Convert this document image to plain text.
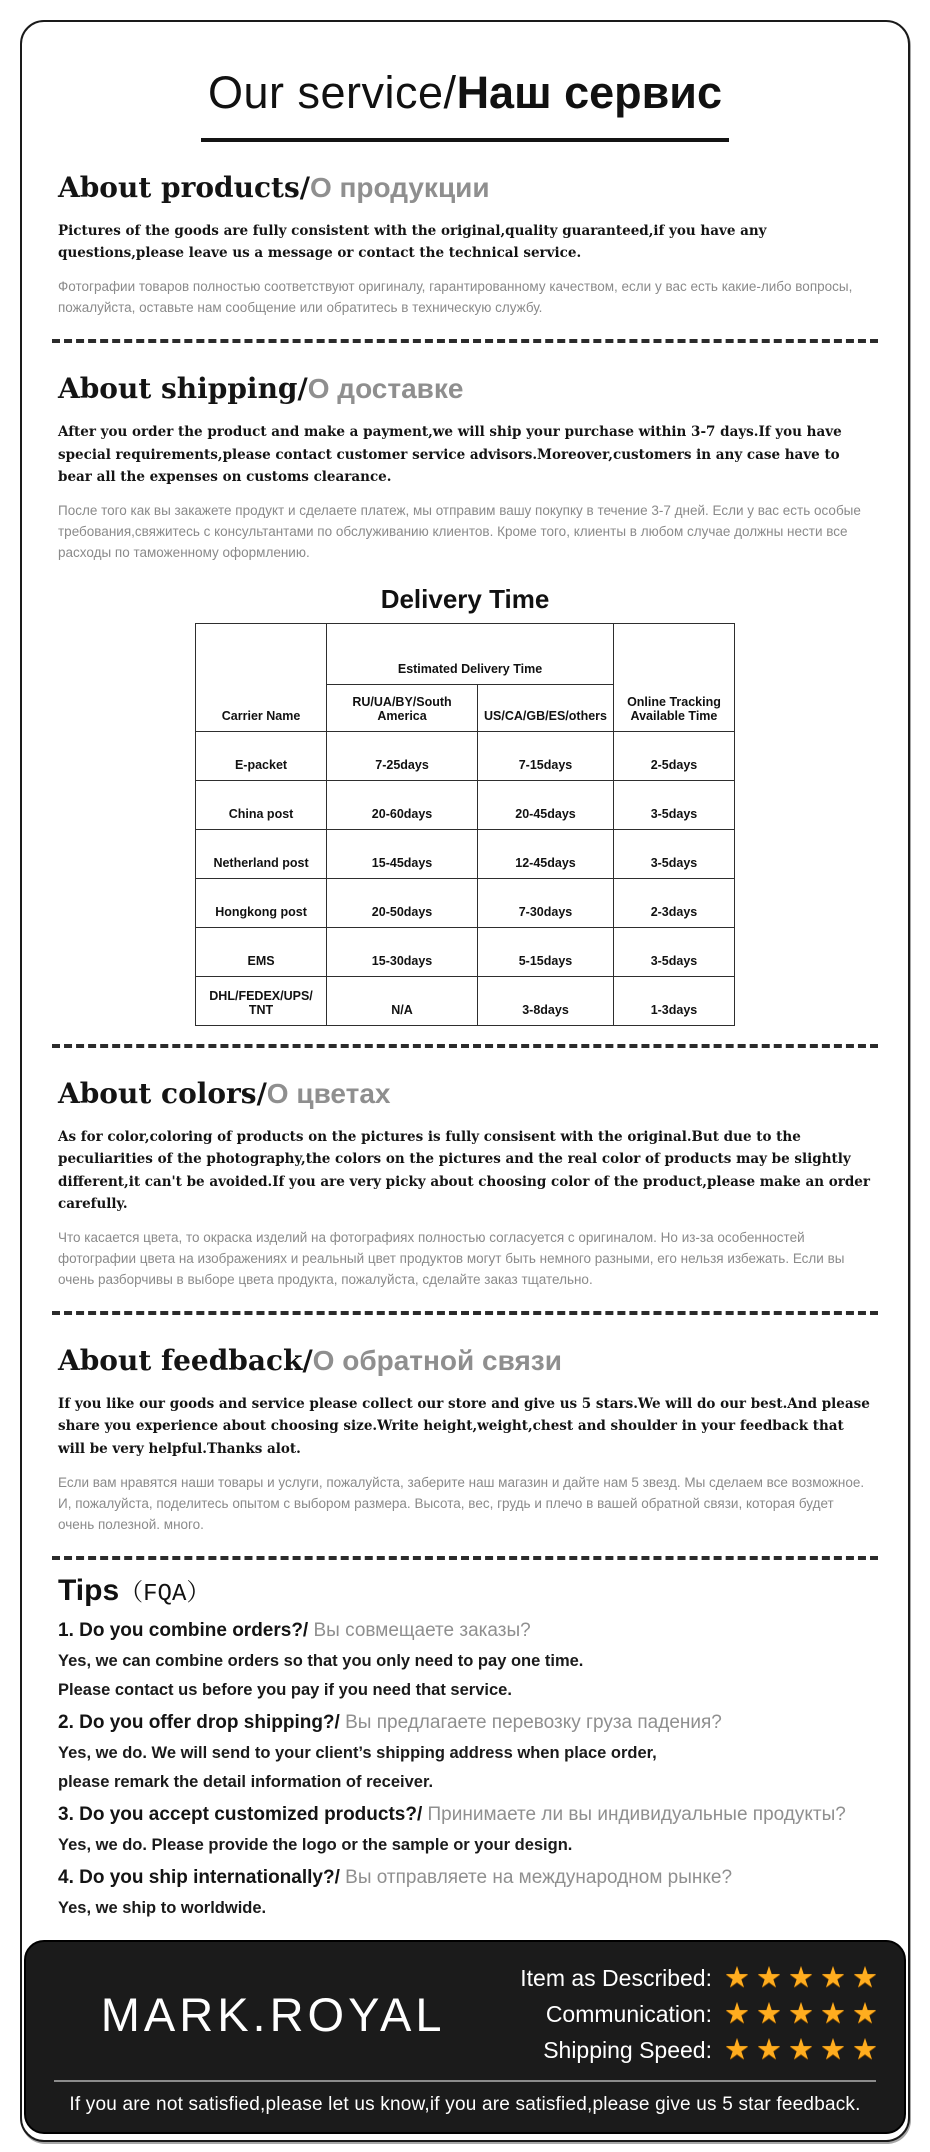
Our service/Наш сервис
About products/О продукции

Pictures of the goods are fully consistent with the original,quality guaranteed,if you have any questions,please leave us a message or contact the technical service.

Фотографии товаров полностью соответствуют оригиналу, гарантированному качеством, если у вас есть какие-либо вопросы, пожалуйста, оставьте нам сообщение или обратитесь в техническую службу.

About shipping/О доставке

After you order the product and make a payment,we will ship your purchase within 3-7 days.If you have special requirements,please contact customer service advisors.Moreover,customers in any case have to bear all the expenses on customs clearance.

После того как вы закажете продукт и сделаете платеж, мы отправим вашу покупку в течение 3-7 дней. Если у вас есть особые требования,свяжитесь с консультантами по обслуживанию клиентов. Кроме того, клиенты в любом случае должны нести все расходы по таможенному оформлению.

Delivery Time
Carrier Name	Estimated Delivery Time		Online Tracking Available Time
	RU/UA/BY/South America	US/CA/GB/ES/others	
E-packet	7-25days	7-15days	2-5days
China post	20-60days	20-45days	3-5days
Netherland post	15-45days	12-45days	3-5days
Hongkong post	20-50days	7-30days	2-3days
EMS	15-30days	5-15days	3-5days
DHL/FEDEX/UPS/ TNT	N/A	3-8days	1-3days
About colors/О цветах

As for color,coloring of products on the pictures is fully consisent with the original.But due to the peculiarities of the photography,the colors on the pictures and the real color of products may be slightly different,it can't be avoided.If you are very picky about choosing color of the product,please make an order carefully.

Что касается цвета, то окраска изделий на фотографиях полностью согласуется с оригиналом. Но из-за особенностей фотографии цвета на изображениях и реальный цвет продуктов могут быть немного разными, его нельзя избежать. Если вы очень разборчивы в выборе цвета продукта, пожалуйста, сделайте заказ тщательно.

About feedback/О обратной связи

If you like our goods and service please collect our store and give us 5 stars.We will do our best.And please share you experience about choosing size.Write height,weight,chest and shoulder in your feedback that will be very helpful.Thanks alot.

Если вам нравятся наши товары и услуги, пожалуйста, заберите наш магазин и дайте нам 5 звезд. Мы сделаем все возможное. И, пожалуйста, поделитесь опытом с выбором размера. Высота, вес, грудь и плечо в вашей обратной связи, которая будет очень полезной. много.

Tips（FQA）
1. Do you combine orders?/ Вы совмещаете заказы?
Yes, we can combine orders so that you only need to pay one time.
Please contact us before you pay if you need that service.
2. Do you offer drop shipping?/ Вы предлагаете перевозку груза падения?
Yes, we do. We will send to your client’s shipping address when place order,
please remark the detail information of receiver.
3. Do you accept customized products?/ Принимаете ли вы индивидуальные продукты?
Yes, we do. Please provide the logo or the sample or your design.
4. Do you ship internationally?/ Вы отправляете на международном рынке?
Yes, we ship to worldwide.
MARK.ROYAL
Item as Described: ★ ★ ★ ★ ★
Communication: ★ ★ ★ ★ ★
Shipping Speed: ★ ★ ★ ★ ★
If you are not satisfied,please let us know,if you are satisfied,please give us 5 star feedback.
